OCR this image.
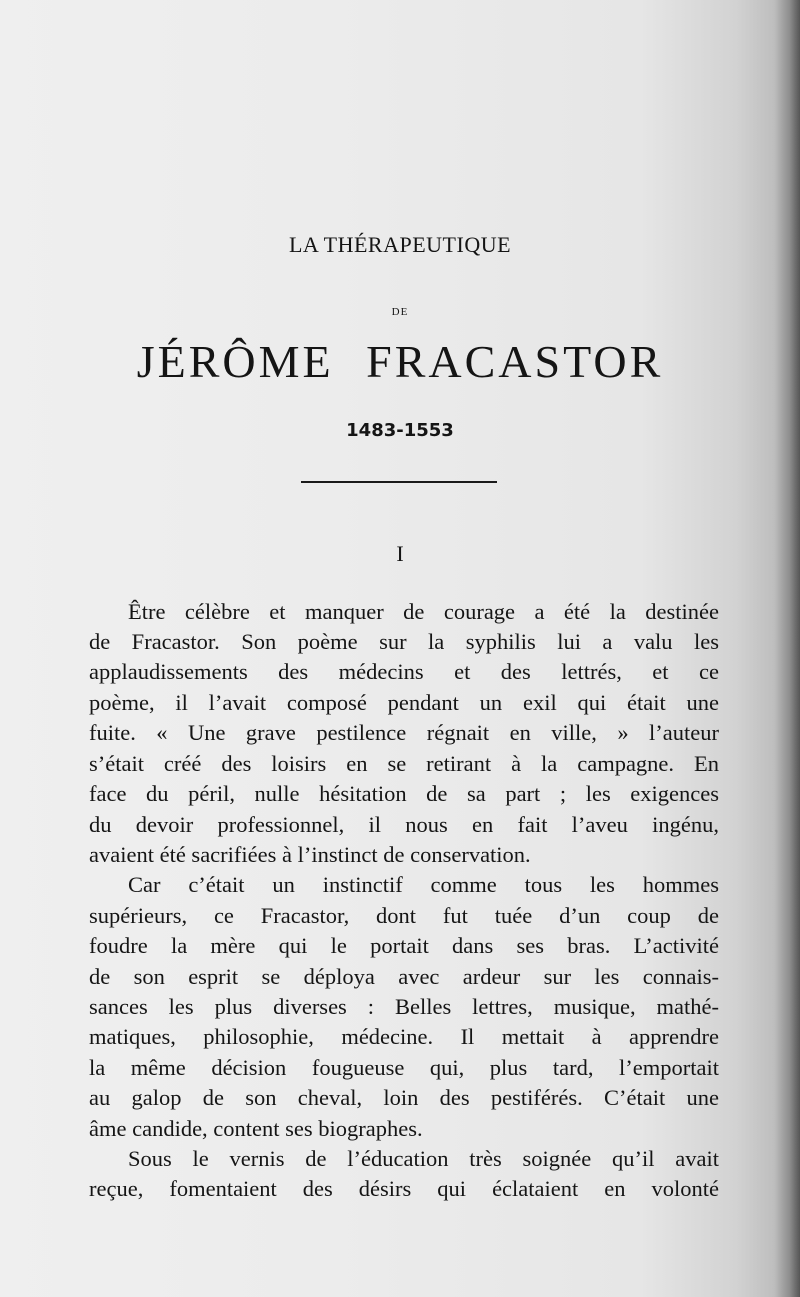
LA THÉRAPEUTIQUE
DE
JÉRÔME FRACASTOR
1483-1553
I

Être célèbre et manquer de courage a été la destinée

de Fracastor. Son poème sur la syphilis lui a valu les

applaudissements des médecins et des lettrés, et ce

poème, il l’avait composé pendant un exil qui était une

fuite. « Une grave pestilence régnait en ville, » l’auteur

s’était créé des loisirs en se retirant à la campagne. En

face du péril, nulle hésitation de sa part ; les exigences

du devoir professionnel, il nous en fait l’aveu ingénu,

avaient été sacrifiées à l’instinct de conservation.

Car c’était un instinctif comme tous les hommes

supérieurs, ce Fracastor, dont fut tuée d’un coup de

foudre la mère qui le portait dans ses bras. L’activité

de son esprit se déploya avec ardeur sur les connais-

sances les plus diverses : Belles lettres, musique, mathé-

matiques, philosophie, médecine. Il mettait à apprendre

la même décision fougueuse qui, plus tard, l’emportait

au galop de son cheval, loin des pestiférés. C’était une

âme candide, content ses biographes.

Sous le vernis de l’éducation très soignée qu’il avait

reçue, fomentaient des désirs qui éclataient en volonté
